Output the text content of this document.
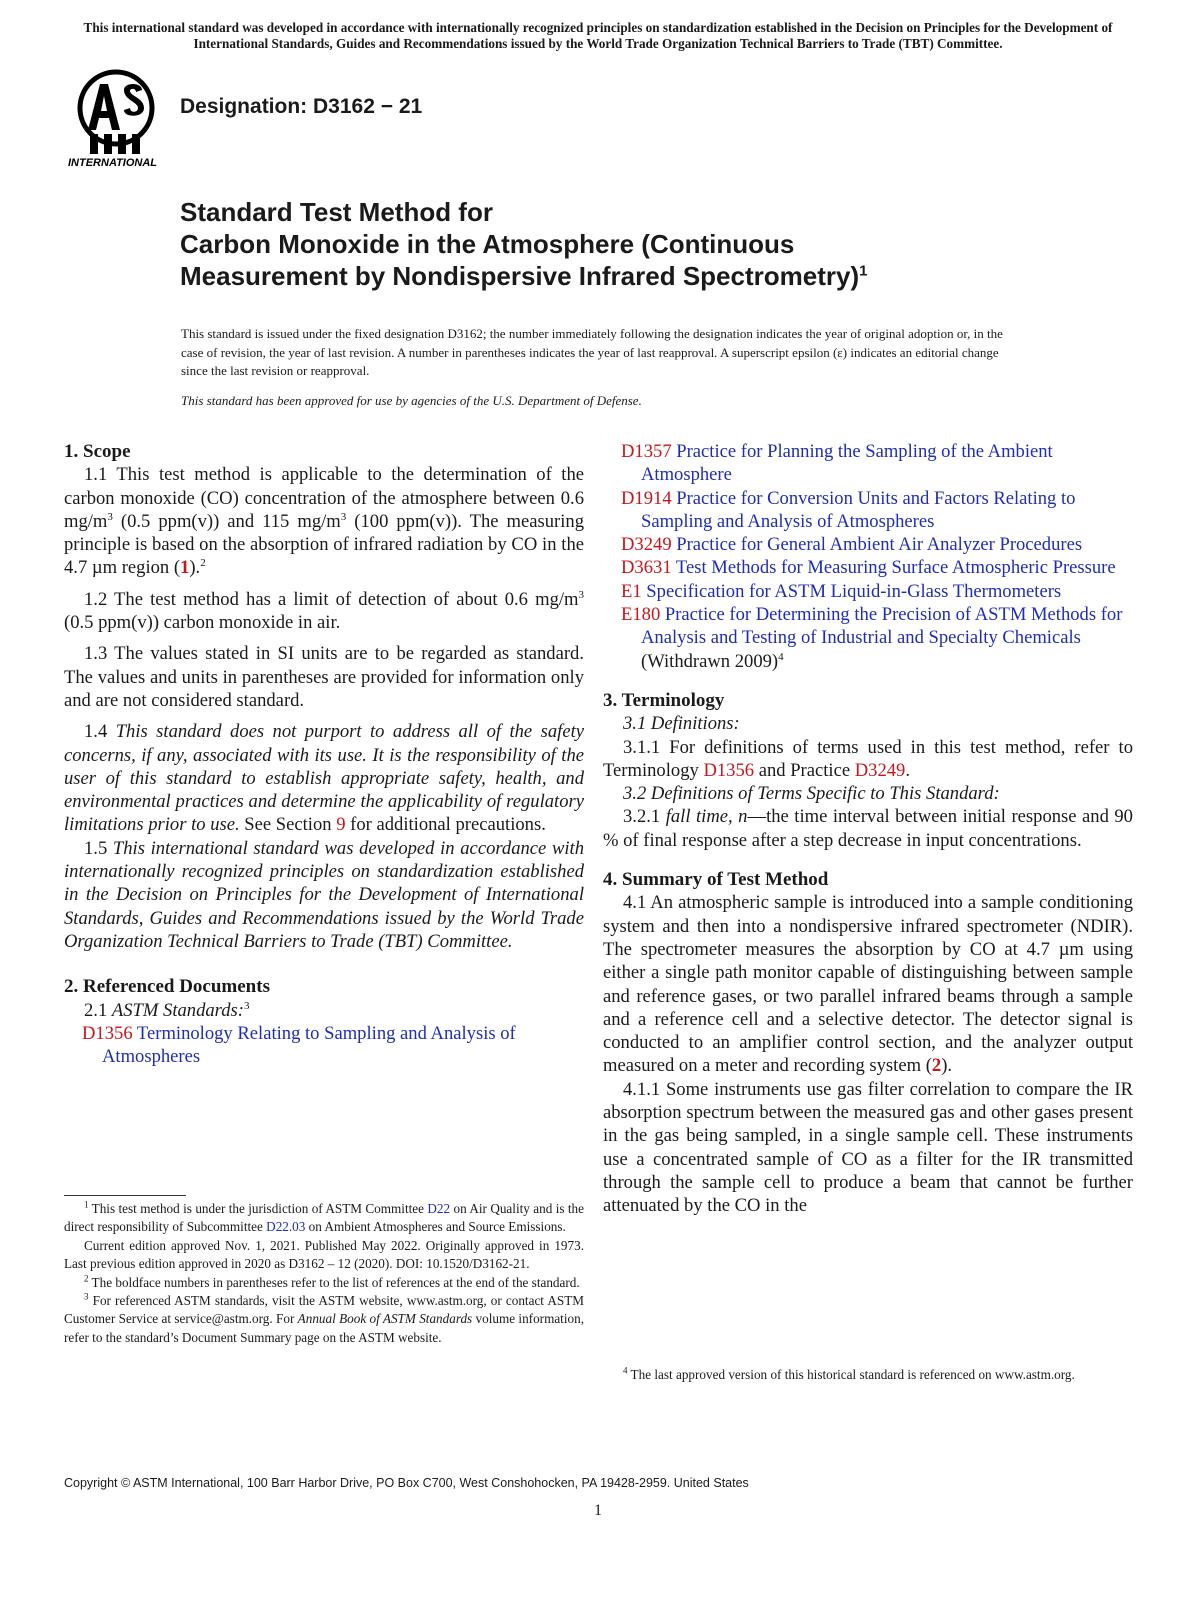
This international standard was developed in accordance with internationally recognized principles on standardization established in the Decision on Principles for the Development of International Standards, Guides and Recommendations issued by the World Trade Organization Technical Barriers to Trade (TBT) Committee.
INTERNATIONAL
Designation: D3162 − 21
Standard Test Method for
Carbon Monoxide in the Atmosphere (Continuous
Measurement by Nondispersive Infrared Spectrometry)$^1$
This standard is issued under the fixed designation D3162; the number immediately following the designation indicates the year of original adoption or, in the case of revision, the year of last revision. A number in parentheses indicates the year of last reapproval. A superscript epsilon (ε) indicates an editorial change since the last revision or reapproval.
This standard has been approved for use by agencies of the U.S. Department of Defense.

1. Scope

1.1 This test method is applicable to the determination of the carbon monoxide (CO) concentration of the atmosphere between 0.6 $mg/m^3$ (0.5 ppm(v)) and 115 $mg/m^3$ (100 ppm(v)). The measuring principle is based on the absorption of infrared radiation by CO in the 4.7 µm region (1).$^2$

1.2 The test method has a limit of detection of about 0.6 $mg/m^3$ (0.5 ppm(v)) carbon monoxide in air.

1.3 The values stated in SI units are to be regarded as standard. The values and units in parentheses are provided for information only and are not considered standard.

1.4 This standard does not purport to address all of the safety concerns, if any, associated with its use. It is the responsibility of the user of this standard to establish appropriate safety, health, and environmental practices and determine the applicability of regulatory limitations prior to use. See Section 9 for additional precautions.

1.5 This international standard was developed in accordance with internationally recognized principles on standardization established in the Decision on Principles for the Development of International Standards, Guides and Recommendations issued by the World Trade Organization Technical Barriers to Trade (TBT) Committee.

2. Referenced Documents

2.1 ASTM Standards:$^3$

D1356 Terminology Relating to Sampling and Analysis of Atmospheres

$^1$ This test method is under the jurisdiction of ASTM Committee D22 on Air Quality and is the direct responsibility of Subcommittee D22.03 on Ambient Atmospheres and Source Emissions.

Current edition approved Nov. 1, 2021. Published May 2022. Originally approved in 1973. Last previous edition approved in 2020 as D3162 – 12 (2020). DOI: 10.1520/D3162-21.

$^2$ The boldface numbers in parentheses refer to the list of references at the end of the standard.

$^3$ For referenced ASTM standards, visit the ASTM website, www.astm.org, or contact ASTM Customer Service at service@astm.org. For Annual Book of ASTM Standards volume information, refer to the standard’s Document Summary page on the ASTM website.

D1357 Practice for Planning the Sampling of the Ambient Atmosphere

D1914 Practice for Conversion Units and Factors Relating to Sampling and Analysis of Atmospheres

D3249 Practice for General Ambient Air Analyzer Procedures

D3631 Test Methods for Measuring Surface Atmospheric Pressure

E1 Specification for ASTM Liquid-in-Glass Thermometers

E180 Practice for Determining the Precision of ASTM Methods for Analysis and Testing of Industrial and Specialty Chemicals (Withdrawn 2009)$^4$

3. Terminology

3.1 Definitions:

3.1.1 For definitions of terms used in this test method, refer to Terminology D1356 and Practice D3249.

3.2 Definitions of Terms Specific to This Standard:

3.2.1 fall time, n—the time interval between initial response and 90 % of final response after a step decrease in input concentrations.

4. Summary of Test Method

4.1 An atmospheric sample is introduced into a sample conditioning system and then into a nondispersive infrared spectrometer (NDIR). The spectrometer measures the absorption by CO at 4.7 µm using either a single path monitor capable of distinguishing between sample and reference gases, or two parallel infrared beams through a sample and a reference cell and a selective detector. The detector signal is conducted to an amplifier control section, and the analyzer output measured on a meter and recording system (2).

4.1.1 Some instruments use gas filter correlation to compare the IR absorption spectrum between the measured gas and other gases present in the gas being sampled, in a single sample cell. These instruments use a concentrated sample of CO as a filter for the IR transmitted through the sample cell to produce a beam that cannot be further attenuated by the CO in the

$^4$ The last approved version of this historical standard is referenced on www.astm.org.

Copyright © ASTM International, 100 Barr Harbor Drive, PO Box C700, West Conshohocken, PA 19428-2959. United States
1
